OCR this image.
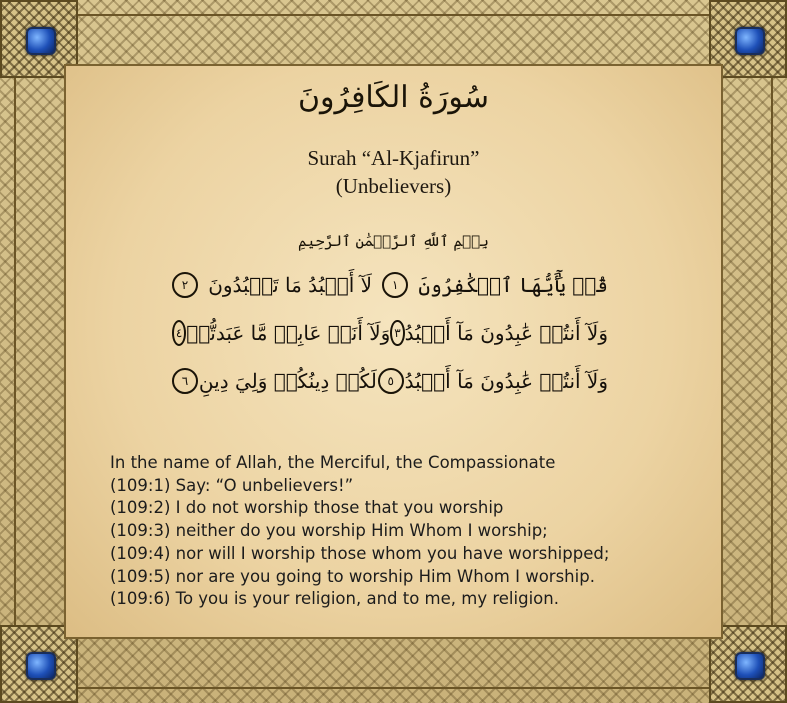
سُورَةُ الكَافِرُونَ
Surah “Al-Kjafirun”
(Unbelievers)
بِسۡمِ ٱللَّهِ ٱلرَّحۡمَٰنِ ٱلرَّحِيمِ
قُلۡ يَٰٓأَيُّهَا ٱلۡكَٰفِرُونَ
١
لَآ أَعۡبُدُ مَا تَعۡبُدُونَ
٢
وَلَآ أَنتُمۡ عَٰبِدُونَ مَآ أَعۡبُدُ
٣
وَلَآ أَنَا۠ عَابِدٞ مَّا عَبَدتُّمۡ
٤
وَلَآ أَنتُمۡ عَٰبِدُونَ مَآ أَعۡبُدُ
٥
لَكُمۡ دِينُكُمۡ وَلِيَ دِينِ
٦
In the name of Allah, the Merciful, the Compassionate
(109:1) Say: “O unbelievers!”
(109:2) I do not worship those that you worship
(109:3) neither do you worship Him Whom I worship;
(109:4) nor will I worship those whom you have worshipped;
(109:5) nor are you going to worship Him Whom I worship.
(109:6) To you is your religion, and to me, my religion.
